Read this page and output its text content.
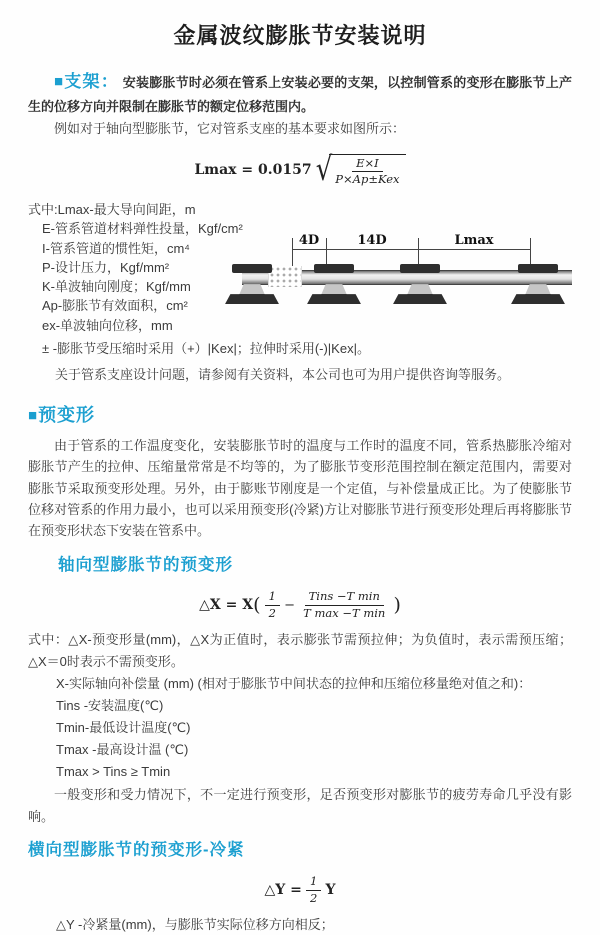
金属波纹膨胀节安装说明

■支架： 安装膨胀节时必须在管系上安装必要的支架，以控制管系的变形在膨胀节上产生的位移方向并限制在膨胀节的额定位移范围内。

例如对于轴向型膨胀节，它对管系支座的基本要求如图所示：

Lmax = 0.0157 √ $\frac{E\times I}{\text{P×Ap±Kex}}$
式中:Lmax-最大导向间距，m
E-管系管道材料弹性投量，Kgf/cm²
I-管系管道的惯性矩，cm⁴
P-设计压力，Kgf/mm²
K-单波轴向刚度；Kgf/mm
Ap-膨胀节有效面积，cm²
ex-单波轴向位移，mm
4D	14D	Lmax
± -膨胀节受压缩时采用（+）|Kex|；拉伸时采用(-)|Kex|。
关于管系支座设计问题，请参阅有关资料，本公司也可为用户提供咨询等服务。
■预变形

由于管系的工作温度变化，安装膨胀节时的温度与工作时的温度不同，管系热膨胀冷缩对膨胀节产生的拉伸、压缩量常常是不均等的，为了膨胀节变形范围控制在额定范围内，需要对膨胀节采取预变形处理。另外，由于膨账节刚度是一个定值，与补偿量成正比。为了使膨胀节位移对管系的作用力最小，也可以采用预变形(冷紧)方让对膨胀节进行预变形处理后再将膨胀节在预变形状态下安装在管系中。

轴向型膨胀节的预变形
△X = $X( \frac{1}{2} - \frac{\text{Tins −T min}}{\text{T max −T min}}$ )

式中：△X-预变形量(mm)，△X为正值时，表示膨张节需预拉伸；为负值时，表示需预压缩；△X＝0时表示不需预变形。

X-实际轴向补偿量 (mm) (相对于膨胀节中间状态的拉伸和压缩位移量绝对值之和)：
Tins -安装温度(℃)
Tmin-最低设计温度(℃)
Tmax -最高设计温 (℃)
Tmax > Tins ≥ Tmin

一般变形和受力情况下，不一定进行预变形，足否预变形对膨胀节的疲劳寿命几乎没有影响。

横向型膨胀节的预变形-冷紧
△Y = $\frac{1}{2}$ Y
△Y -冷紧量(mm)，与膨胀节实际位移方向相反；
